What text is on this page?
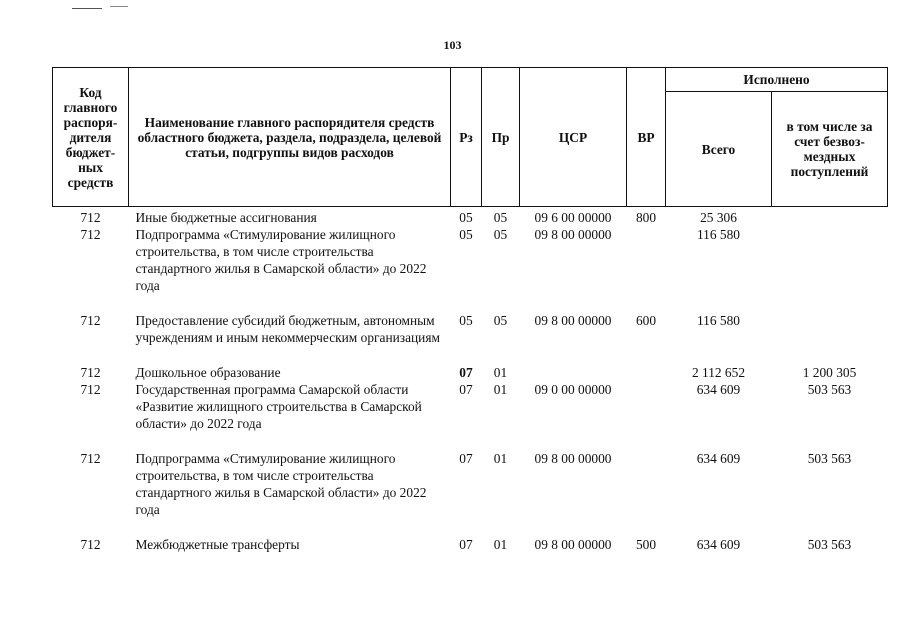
103
Код главного распоря-дителя бюджет-ных средств	Наименование главного распорядителя средств областного бюджета, раздела, подраздела, целевой статьи, подгруппы видов расходов	Рз	Пр	ЦСР	ВР	Исполнено	
						Всего	в том числе за счет безвоз-мездных поступлений
712	Иные бюджетные ассигнования	05	05	09 6 00 00000	800	25 306	
712	Подпрограмма «Стимулирование жилищного строительства, в том числе строительства стандартного жилья в Самарской области» до 2022 года	05	05	09 8 00 00000		116 580	

712	Предоставление субсидий бюджетным, автономным учреждениям и иным некоммерческим организациям	05	05	09 8 00 00000	600	116 580	

712	Дошкольное образование	07	01			2 112 652	1 200 305
712	Государственная программа Самарской области «Развитие жилищного строительства в Самарской области» до 2022 года	07	01	09 0 00 00000		634 609	503 563

712	Подпрограмма «Стимулирование жилищного строительства, в том числе строительства стандартного жилья в Самарской области» до 2022 года	07	01	09 8 00 00000		634 609	503 563

712	Межбюджетные трансферты	07	01	09 8 00 00000	500	634 609	503 563
